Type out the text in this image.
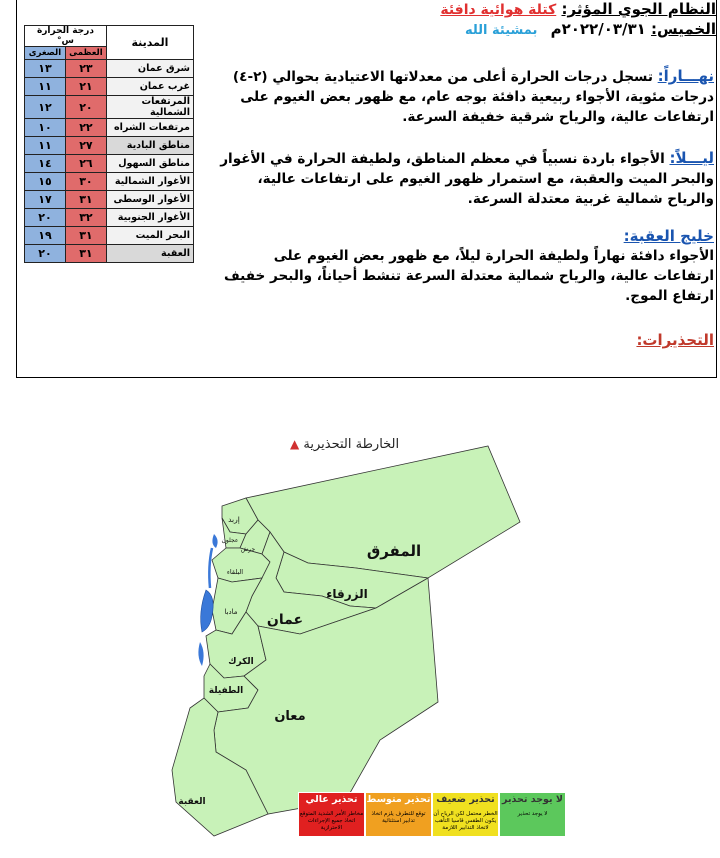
النظام الجوي المؤثر: كتلة هوائية دافئة
الخميس: ٢٠٢٢/٠٣/٣١م بمشيئة الله
نهـــاراً: تسجل درجات الحرارة أعلى من معدلاتها الاعتيادية بحوالي (٢-٤) درجات مئوية، الأجواء ربيعية دافئة بوجه عام، مع ظهور بعض الغيوم على ارتفاعات عالية، والرياح شرقية خفيفة السرعة.
ليـــلاً: الأجواء باردة نسبياً في معظم المناطق، ولطيفة الحرارة في الأغوار والبحر الميت والعقبة، مع استمرار ظهور الغيوم على ارتفاعات عالية، والرياح شمالية غربية معتدلة السرعة.
خليج العقبة:
الأجواء دافئة نهاراً ولطيفة الحرارة ليلاً، مع ظهور بعض الغيوم على ارتفاعات عالية، والرياح شمالية معتدلة السرعة تنشط أحياناً، والبحر خفيف ارتفاع الموج.
التحذيرات:
المدينة	درجة الحرارة س°	
	العظمى	الصغرى
شرق عمان	٢٣	١٣
غرب عمان	٢١	١١
المرتفعات الشمالية	٢٠	١٢
مرتفعات الشراه	٢٢	١٠
مناطق البادية	٢٧	١١
مناطق السهول	٢٦	١٤
الأغوار الشمالية	٣٠	١٥
الأغوار الوسطى	٣١	١٧
الأغوار الجنوبية	٣٢	٢٠
البحر الميت	٣١	١٩
العقبة	٣١	٢٠
الخارطة التحذيرية ▲
إربد
عجلون
جرش
البلقاء
مادبا
المفرق
الزرقاء
عمان
الكرك
الطفيلة
معان
العقبة	تحذير عالي
مخاطر الأمر الشديد المتوقع اتخاذ جميع الإجراءات الاحترازية
تحذير متوسط
توقع للتطرف يلزم اتخاذ تدابير استثنائية
تحذير ضعيف
الخطر محتمل لكن الرياح أن يكون الطقس قاسيا التأهب لاتخاذ التدابير اللازمة
لا يوجد تحذير
لا يوجد تحذير
